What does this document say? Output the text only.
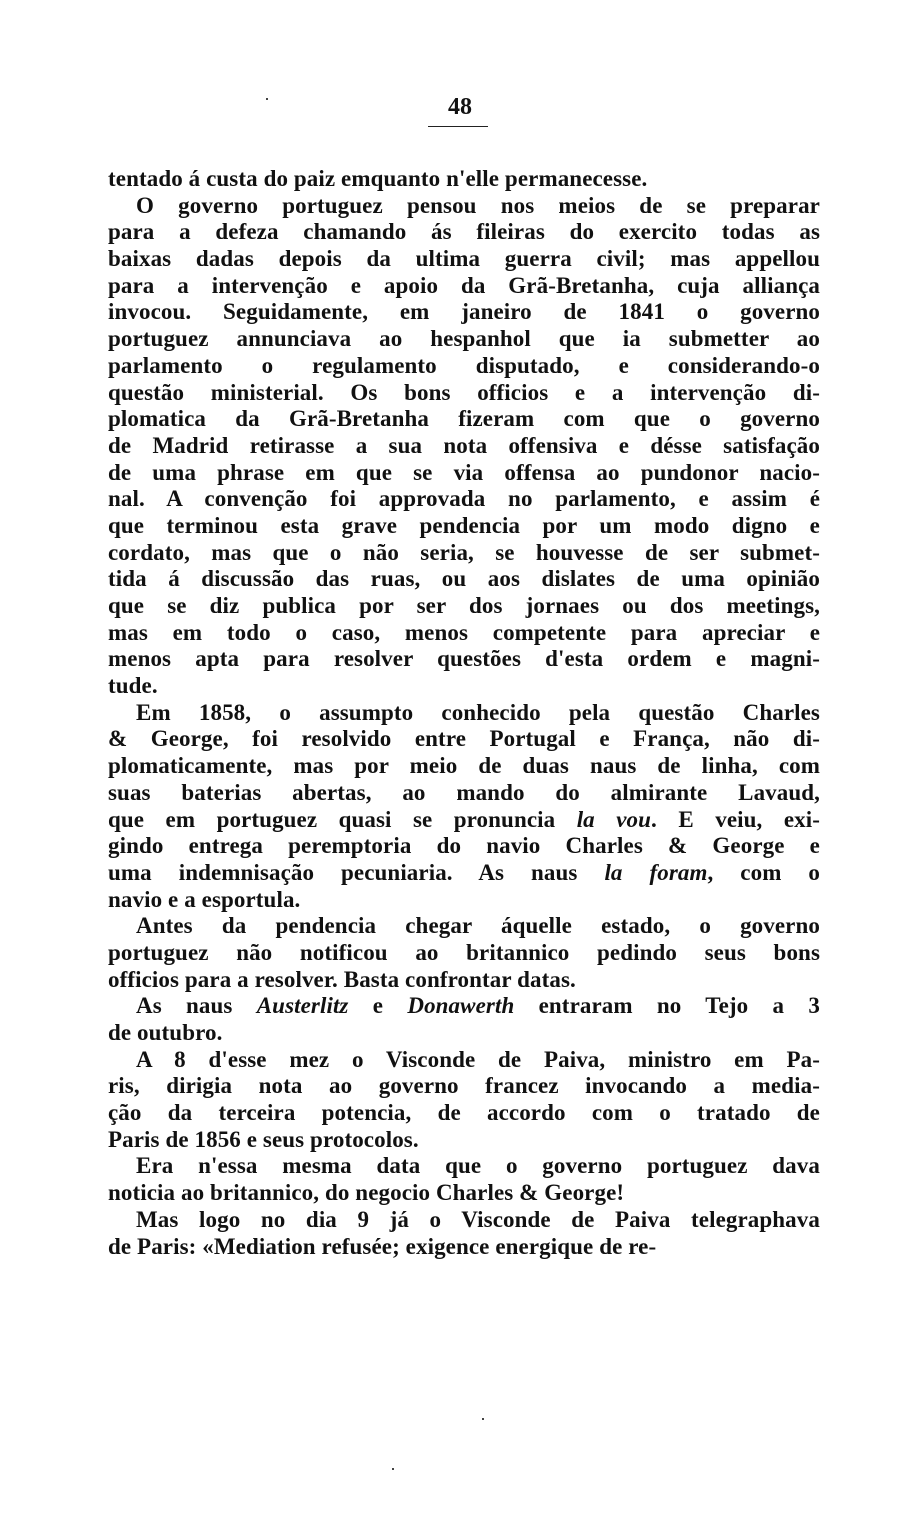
48
tentado á custa do paiz emquanto n'elle permanecesse.
O governo portuguez pensou nos meios de se preparar
para a defeza chamando ás fileiras do exercito todas as
baixas dadas depois da ultima guerra civil; mas appellou
para a intervenção e apoio da Grã-Bretanha, cuja alliança
invocou. Seguidamente, em janeiro de 1841 o governo
portuguez annunciava ao hespanhol que ia submetter ao
parlamento o regulamento disputado, e considerando-o
questão ministerial. Os bons officios e a intervenção di-
plomatica da Grã-Bretanha fizeram com que o governo
de Madrid retirasse a sua nota offensiva e désse satisfação
de uma phrase em que se via offensa ao pundonor nacio-
nal. A convenção foi approvada no parlamento, e assim é
que terminou esta grave pendencia por um modo digno e
cordato, mas que o não seria, se houvesse de ser submet-
tida á discussão das ruas, ou aos dislates de uma opinião
que se diz publica por ser dos jornaes ou dos meetings,
mas em todo o caso, menos competente para apreciar e
menos apta para resolver questões d'esta ordem e magni-
tude.
Em 1858, o assumpto conhecido pela questão Charles
& George, foi resolvido entre Portugal e França, não di-
plomaticamente, mas por meio de duas naus de linha, com
suas baterias abertas, ao mando do almirante Lavaud,
que em portuguez quasi se pronuncia la vou. E veiu, exi-
gindo entrega peremptoria do navio Charles & George e
uma indemnisação pecuniaria. As naus la foram, com o
navio e a esportula.
Antes da pendencia chegar áquelle estado, o governo
portuguez não notificou ao britannico pedindo seus bons
officios para a resolver. Basta confrontar datas.
As naus Austerlitz e Donawerth entraram no Tejo a 3
de outubro.
A 8 d'esse mez o Visconde de Paiva, ministro em Pa-
ris, dirigia nota ao governo francez invocando a media-
ção da terceira potencia, de accordo com o tratado de
Paris de 1856 e seus protocolos.
Era n'essa mesma data que o governo portuguez dava
noticia ao britannico, do negocio Charles & George!
Mas logo no dia 9 já o Visconde de Paiva telegraphava
de Paris: «Mediation refusée; exigence energique de re-
